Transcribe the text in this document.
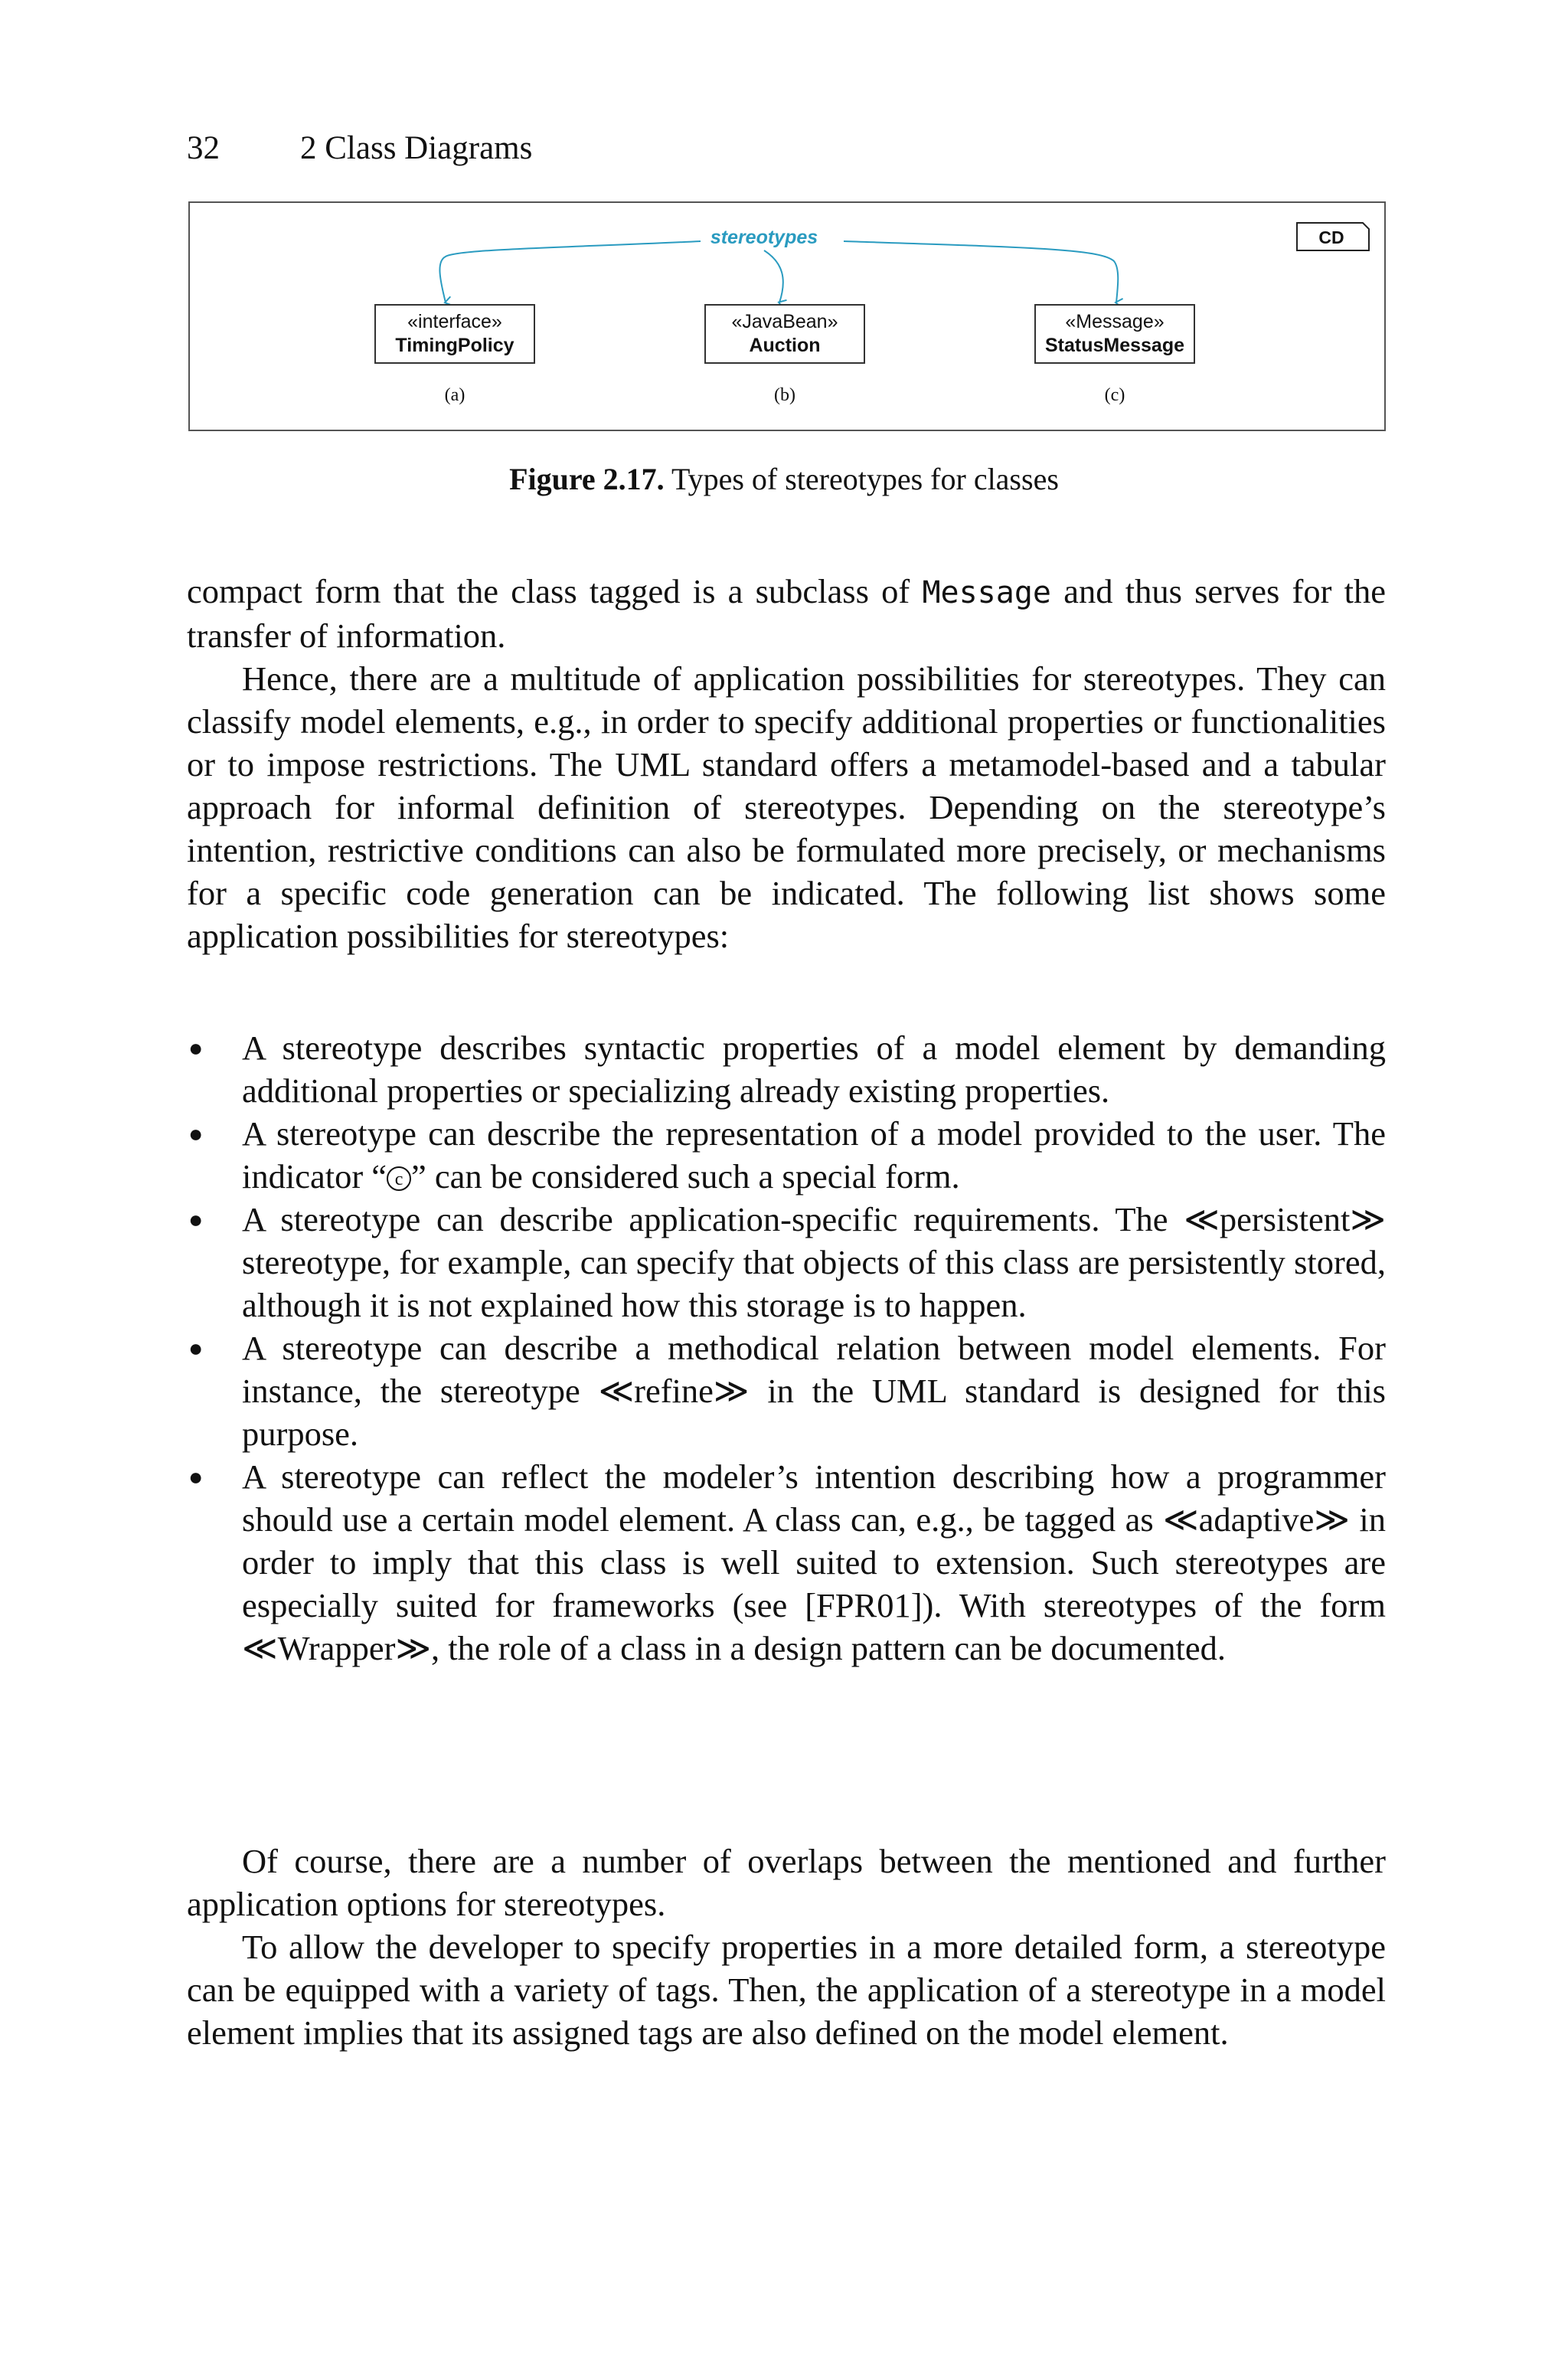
32 2 Class Diagrams
CD
stereotypes
«interface»
TimingPolicy
(a)
«JavaBean»
Auction
(b)
«Message»
StatusMessage
(c)
Figure 2.17. Types of stereotypes for classes

compact form that the class tagged is a subclass of Message and thus serves for the transfer of information.

Hence, there are a multitude of application possibilities for stereotypes. They can classify model elements, e.g., in order to specify additional properties or functionalities or to impose restrictions. The UML standard offers a metamodel-based and a tabular approach for informal definition of stereotypes. Depending on the stereotype’s intention, restrictive conditions can also be formulated more precisely, or mechanisms for a specific code generation can be indicated. The following list shows some application possibilities for stereotypes:

● A stereotype describes syntactic properties of a model element by demanding additional properties or specializing already existing properties.
● A stereotype can describe the representation of a model provided to the user. The indicator “ c ” can be considered such a special form.
● A stereotype can describe application-specific requirements. The ≪persistent≫ stereotype, for example, can specify that objects of this class are persistently stored, although it is not explained how this storage is to happen.
● A stereotype can describe a methodical relation between model elements. For instance, the stereotype ≪refine≫ in the UML standard is designed for this purpose.
● A stereotype can reflect the modeler’s intention describing how a programmer should use a certain model element. A class can, e.g., be tagged as ≪adaptive≫ in order to imply that this class is well suited to extension. Such stereotypes are especially suited for frameworks (see [FPR01]). With stereotypes of the form ≪Wrapper≫, the role of a class in a design pattern can be documented.

Of course, there are a number of overlaps between the mentioned and further application options for stereotypes.

To allow the developer to specify properties in a more detailed form, a stereotype can be equipped with a variety of tags. Then, the application of a stereotype in a model element implies that its assigned tags are also defined on the model element.
